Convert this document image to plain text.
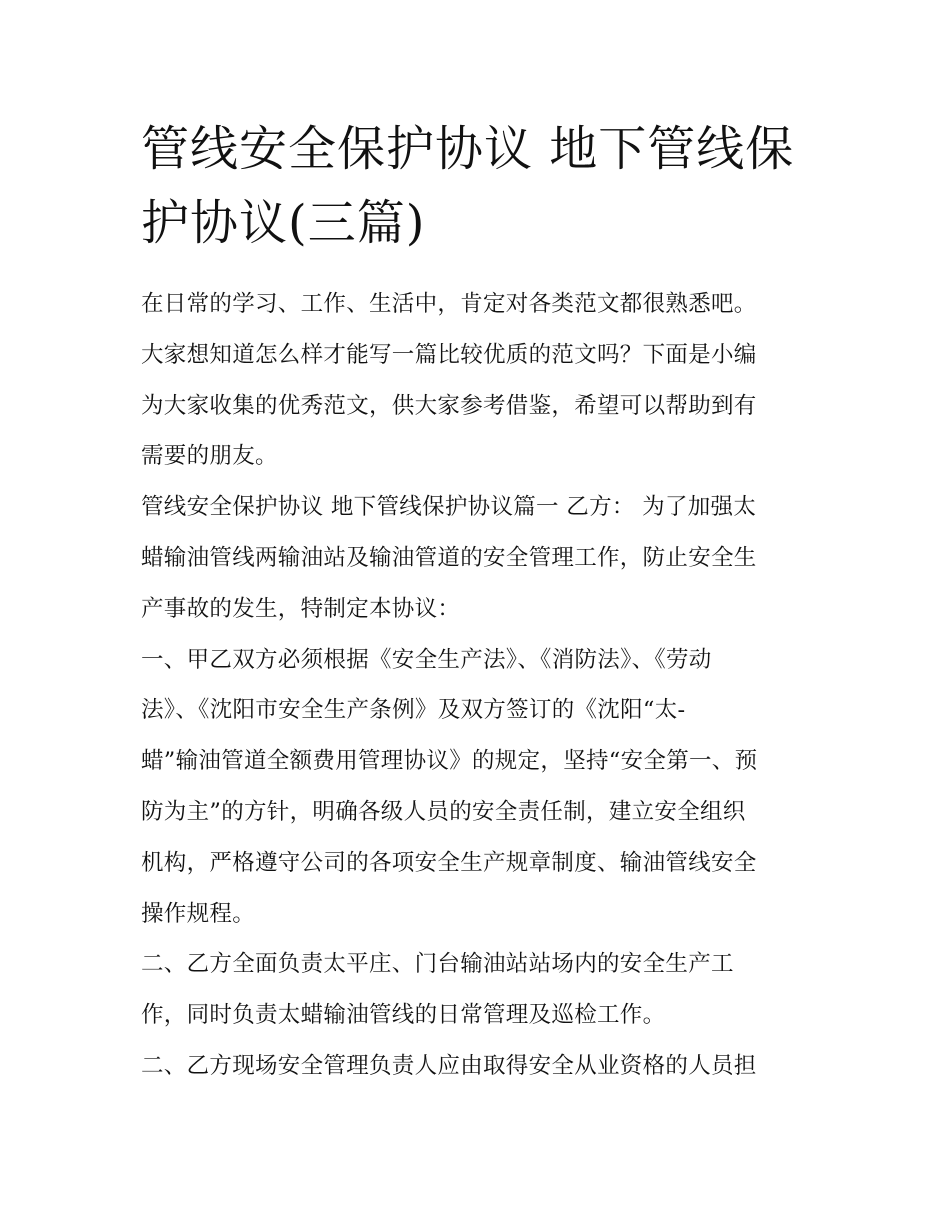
管线安全保护协议 地下管线保
护协议(三篇)

在日常的学习、工作、生活中，肯定对各类范文都很熟悉吧。
大家想知道怎么样才能写一篇比较优质的范文吗？下面是小编
为大家收集的优秀范文，供大家参考借鉴，希望可以帮助到有
需要的朋友。

管线安全保护协议 地下管线保护协议篇一 乙方： 为了加强太
蜡输油管线两输油站及输油管道的安全管理工作，防止安全生
产事故的发生，特制定本协议：

一、甲乙双方必须根据《安全生产法》、《消防法》、《劳动
法》、《沈阳市安全生产条例》及双方签订的《沈阳“太-
蜡”输油管道全额费用管理协议》的规定，坚持“安全第一、预
防为主”的方针，明确各级人员的安全责任制，建立安全组织
机构，严格遵守公司的各项安全生产规章制度、输油管线安全
操作规程。

二、乙方全面负责太平庄、门台输油站站场内的安全生产工
作，同时负责太蜡输油管线的日常管理及巡检工作。

二、乙方现场安全管理负责人应由取得安全从业资格的人员担
